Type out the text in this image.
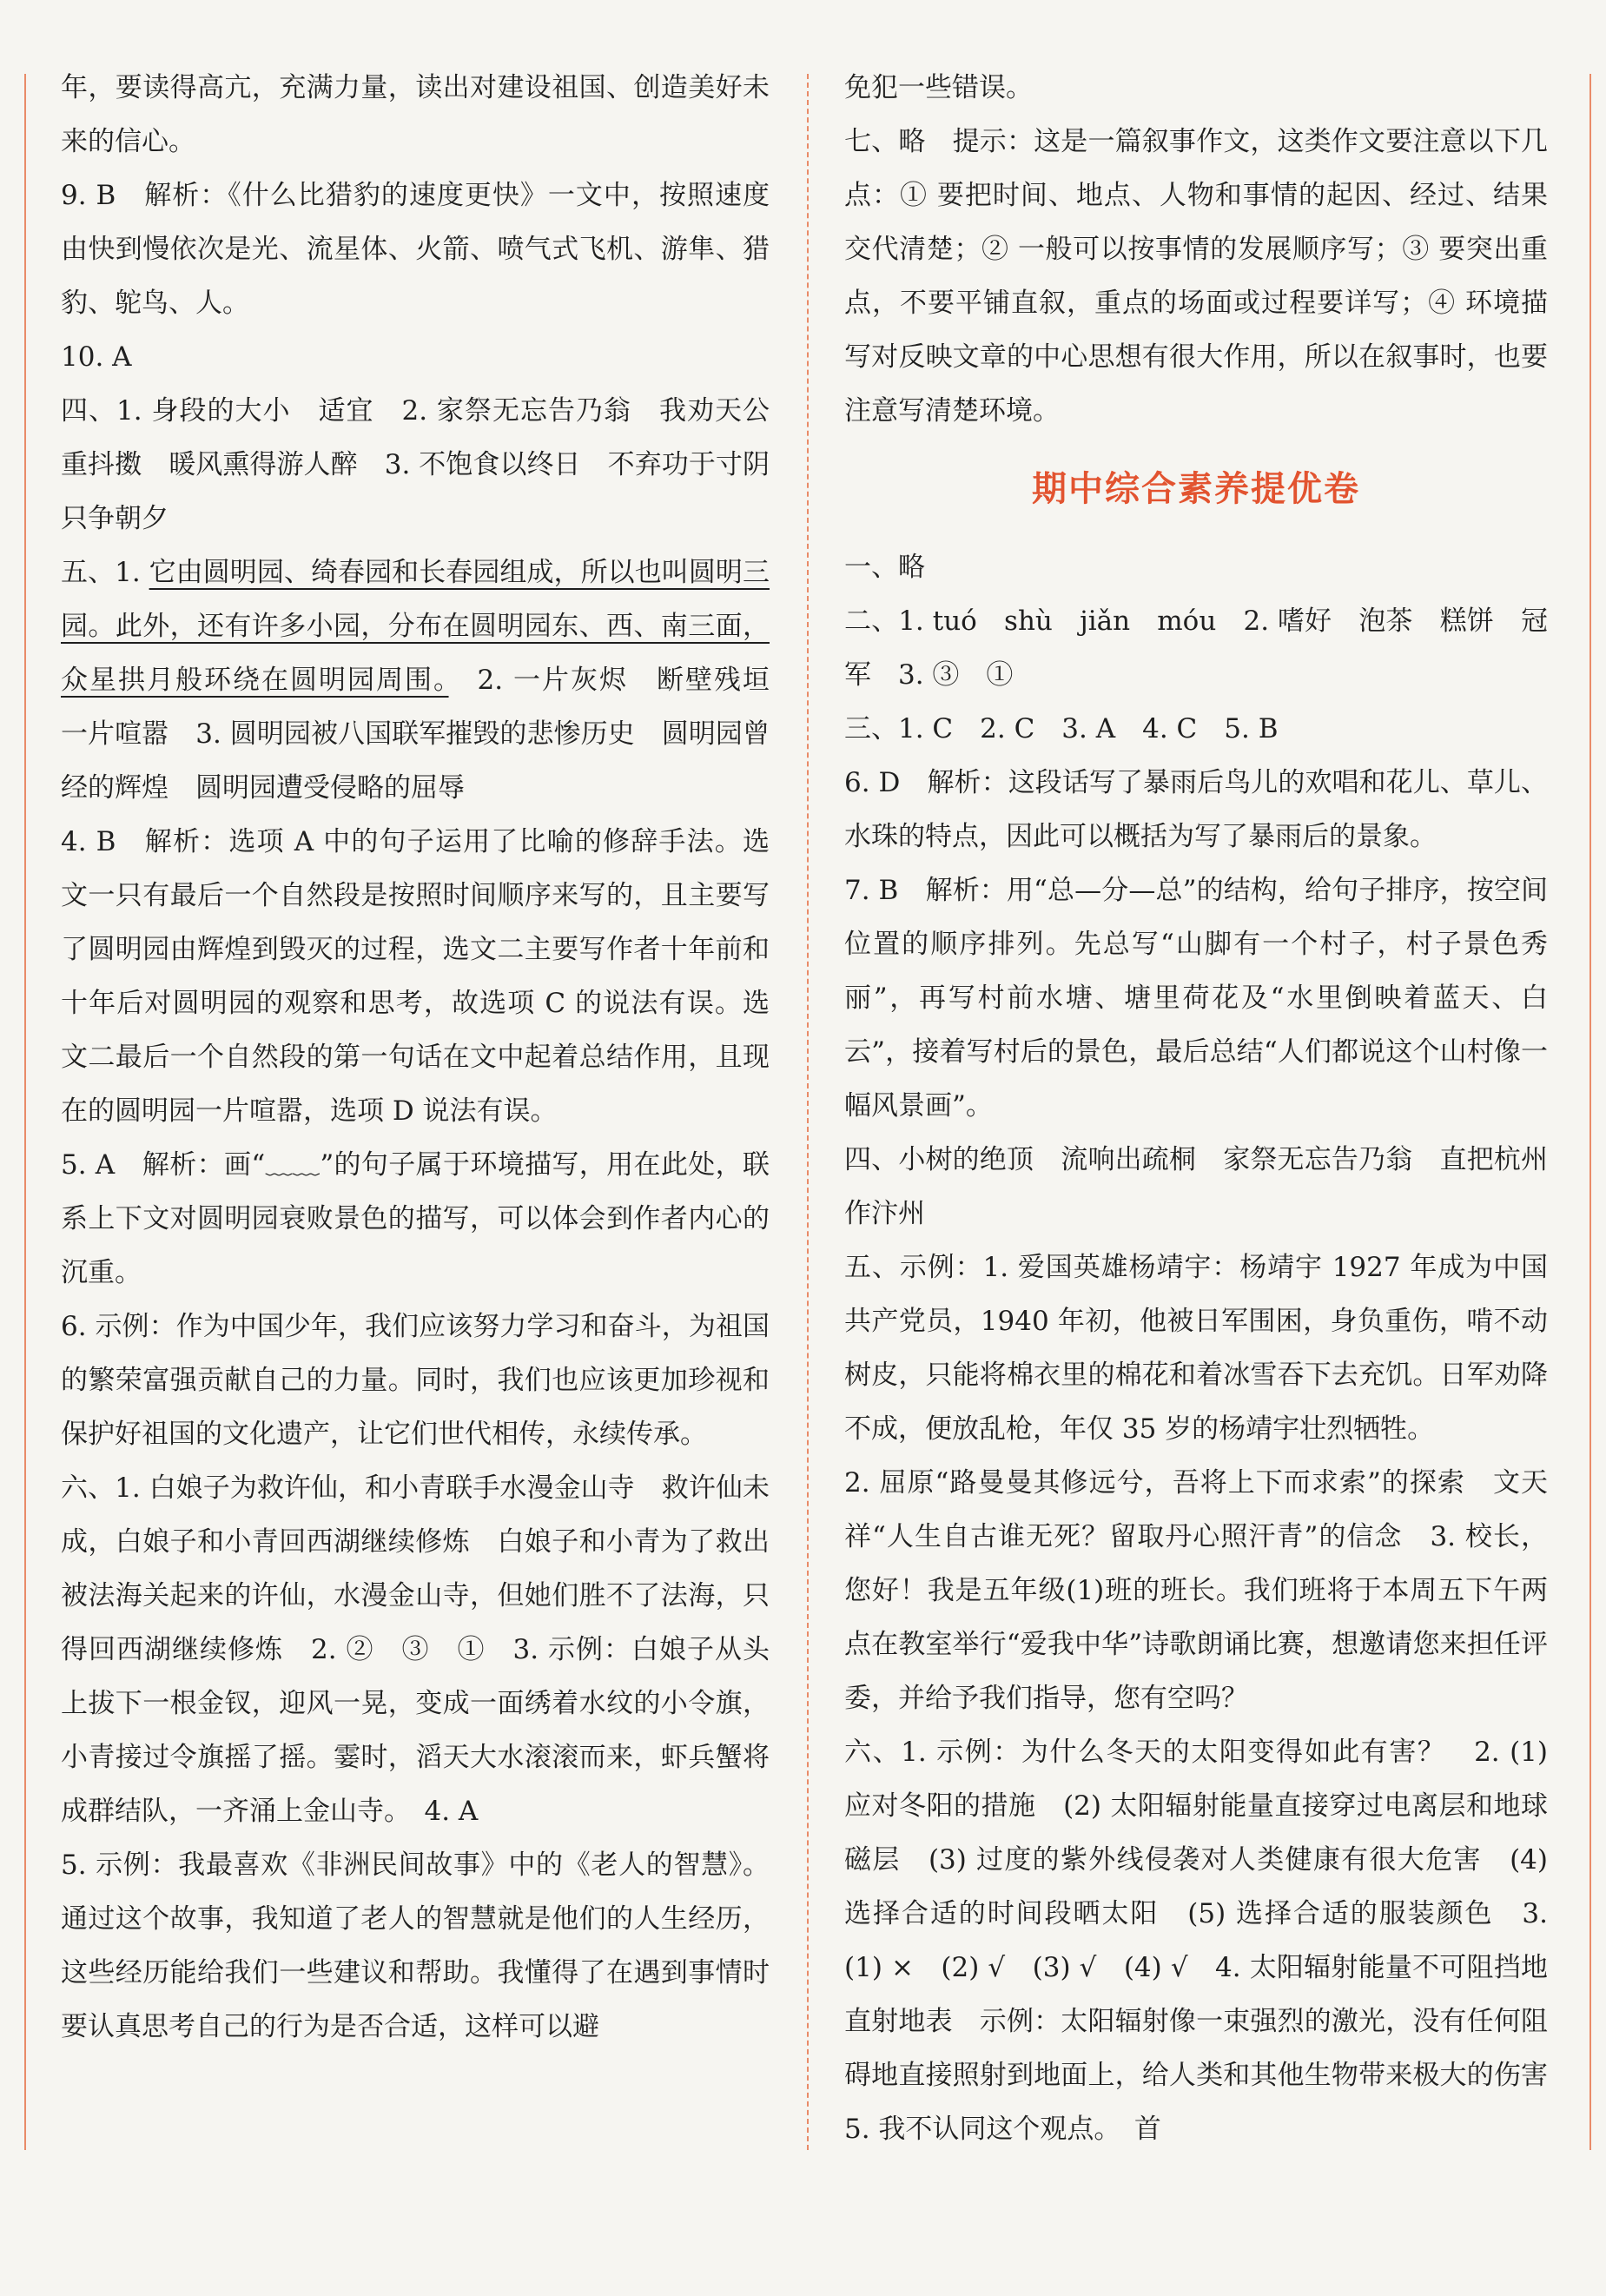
年，要读得高亢，充满力量，读出对建设祖国、创造美好未来的信心。

9. B　解析：《什么比猎豹的速度更快》一文中，按照速度由快到慢依次是光、流星体、火箭、喷气式飞机、游隼、猎豹、鸵鸟、人。

10. A

四、1. 身段的大小　适宜　2. 家祭无忘告乃翁　我劝天公重抖擞　暖风熏得游人醉　3. 不饱食以终日　不弃功于寸阴　只争朝夕

五、1. 它由圆明园、绮春园和长春园组成，所以也叫圆明三园。此外，还有许多小园，分布在圆明园东、西、南三面，众星拱月般环绕在圆明园周围。　2. 一片灰烬　断壁残垣　一片喧嚣　3. 圆明园被八国联军摧毁的悲惨历史　圆明园曾经的辉煌　圆明园遭受侵略的屈辱

4. B　解析：选项 A 中的句子运用了比喻的修辞手法。选文一只有最后一个自然段是按照时间顺序来写的，且主要写了圆明园由辉煌到毁灭的过程，选文二主要写作者十年前和十年后对圆明园的观察和思考，故选项 C 的说法有误。选文二最后一个自然段的第一句话在文中起着总结作用，且现在的圆明园一片喧嚣，选项 D 说法有误。

5. A　解析：画“﹏﹏”的句子属于环境描写，用在此处，联系上下文对圆明园衰败景色的描写，可以体会到作者内心的沉重。

6. 示例：作为中国少年，我们应该努力学习和奋斗，为祖国的繁荣富强贡献自己的力量。同时，我们也应该更加珍视和保护好祖国的文化遗产，让它们世代相传，永续传承。

六、1. 白娘子为救许仙，和小青联手水漫金山寺　救许仙未成，白娘子和小青回西湖继续修炼　白娘子和小青为了救出被法海关起来的许仙，水漫金山寺，但她们胜不了法海，只得回西湖继续修炼　2. ②　③　①　3. 示例：白娘子从头上拔下一根金钗，迎风一晃，变成一面绣着水纹的小令旗，小青接过令旗摇了摇。霎时，滔天大水滚滚而来，虾兵蟹将成群结队，一齐涌上金山寺。　4. A

5. 示例：我最喜欢《非洲民间故事》中的《老人的智慧》。通过这个故事，我知道了老人的智慧就是他们的人生经历，这些经历能给我们一些建议和帮助。我懂得了在遇到事情时要认真思考自己的行为是否合适，这样可以避

免犯一些错误。

七、略　提示：这是一篇叙事作文，这类作文要注意以下几点：① 要把时间、地点、人物和事情的起因、经过、结果交代清楚；② 一般可以按事情的发展顺序写；③ 要突出重点，不要平铺直叙，重点的场面或过程要详写；④ 环境描写对反映文章的中心思想有很大作用，所以在叙事时，也要注意写清楚环境。

期中综合素养提优卷

一、略

二、1. tuó　shù　jiǎn　móu　2. 嗜好　泡茶　糕饼　冠军　3. ③　①

三、1. C　2. C　3. A　4. C　5. B

6. D　解析：这段话写了暴雨后鸟儿的欢唱和花儿、草儿、水珠的特点，因此可以概括为写了暴雨后的景象。

7. B　解析：用“总—分—总”的结构，给句子排序，按空间位置的顺序排列。先总写“山脚有一个村子，村子景色秀丽”，再写村前水塘、塘里荷花及“水里倒映着蓝天、白云”，接着写村后的景色，最后总结“人们都说这个山村像一幅风景画”。

四、小树的绝顶　流响出疏桐　家祭无忘告乃翁　直把杭州作汴州

五、示例：1. 爱国英雄杨靖宇：杨靖宇 1927 年成为中国共产党员，1940 年初，他被日军围困，身负重伤，啃不动树皮，只能将棉衣里的棉花和着冰雪吞下去充饥。日军劝降不成，便放乱枪，年仅 35 岁的杨靖宇壮烈牺牲。

2. 屈原“路曼曼其修远兮，吾将上下而求索”的探索　文天祥“人生自古谁无死？留取丹心照汗青”的信念　3. 校长，您好！我是五年级(1)班的班长。我们班将于本周五下午两点在教室举行“爱我中华”诗歌朗诵比赛，想邀请您来担任评委，并给予我们指导，您有空吗？

六、1. 示例：为什么冬天的太阳变得如此有害？　2. (1) 应对冬阳的措施　(2) 太阳辐射能量直接穿过电离层和地球磁层　(3) 过度的紫外线侵袭对人类健康有很大危害　(4) 选择合适的时间段晒太阳　(5) 选择合适的服装颜色　3. (1) ×　(2) √　(3) √　(4) √　4. 太阳辐射能量不可阻挡地直射地表　示例：太阳辐射像一束强烈的激光，没有任何阻碍地直接照射到地面上，给人类和其他生物带来极大的伤害　5. 我不认同这个观点。　首
